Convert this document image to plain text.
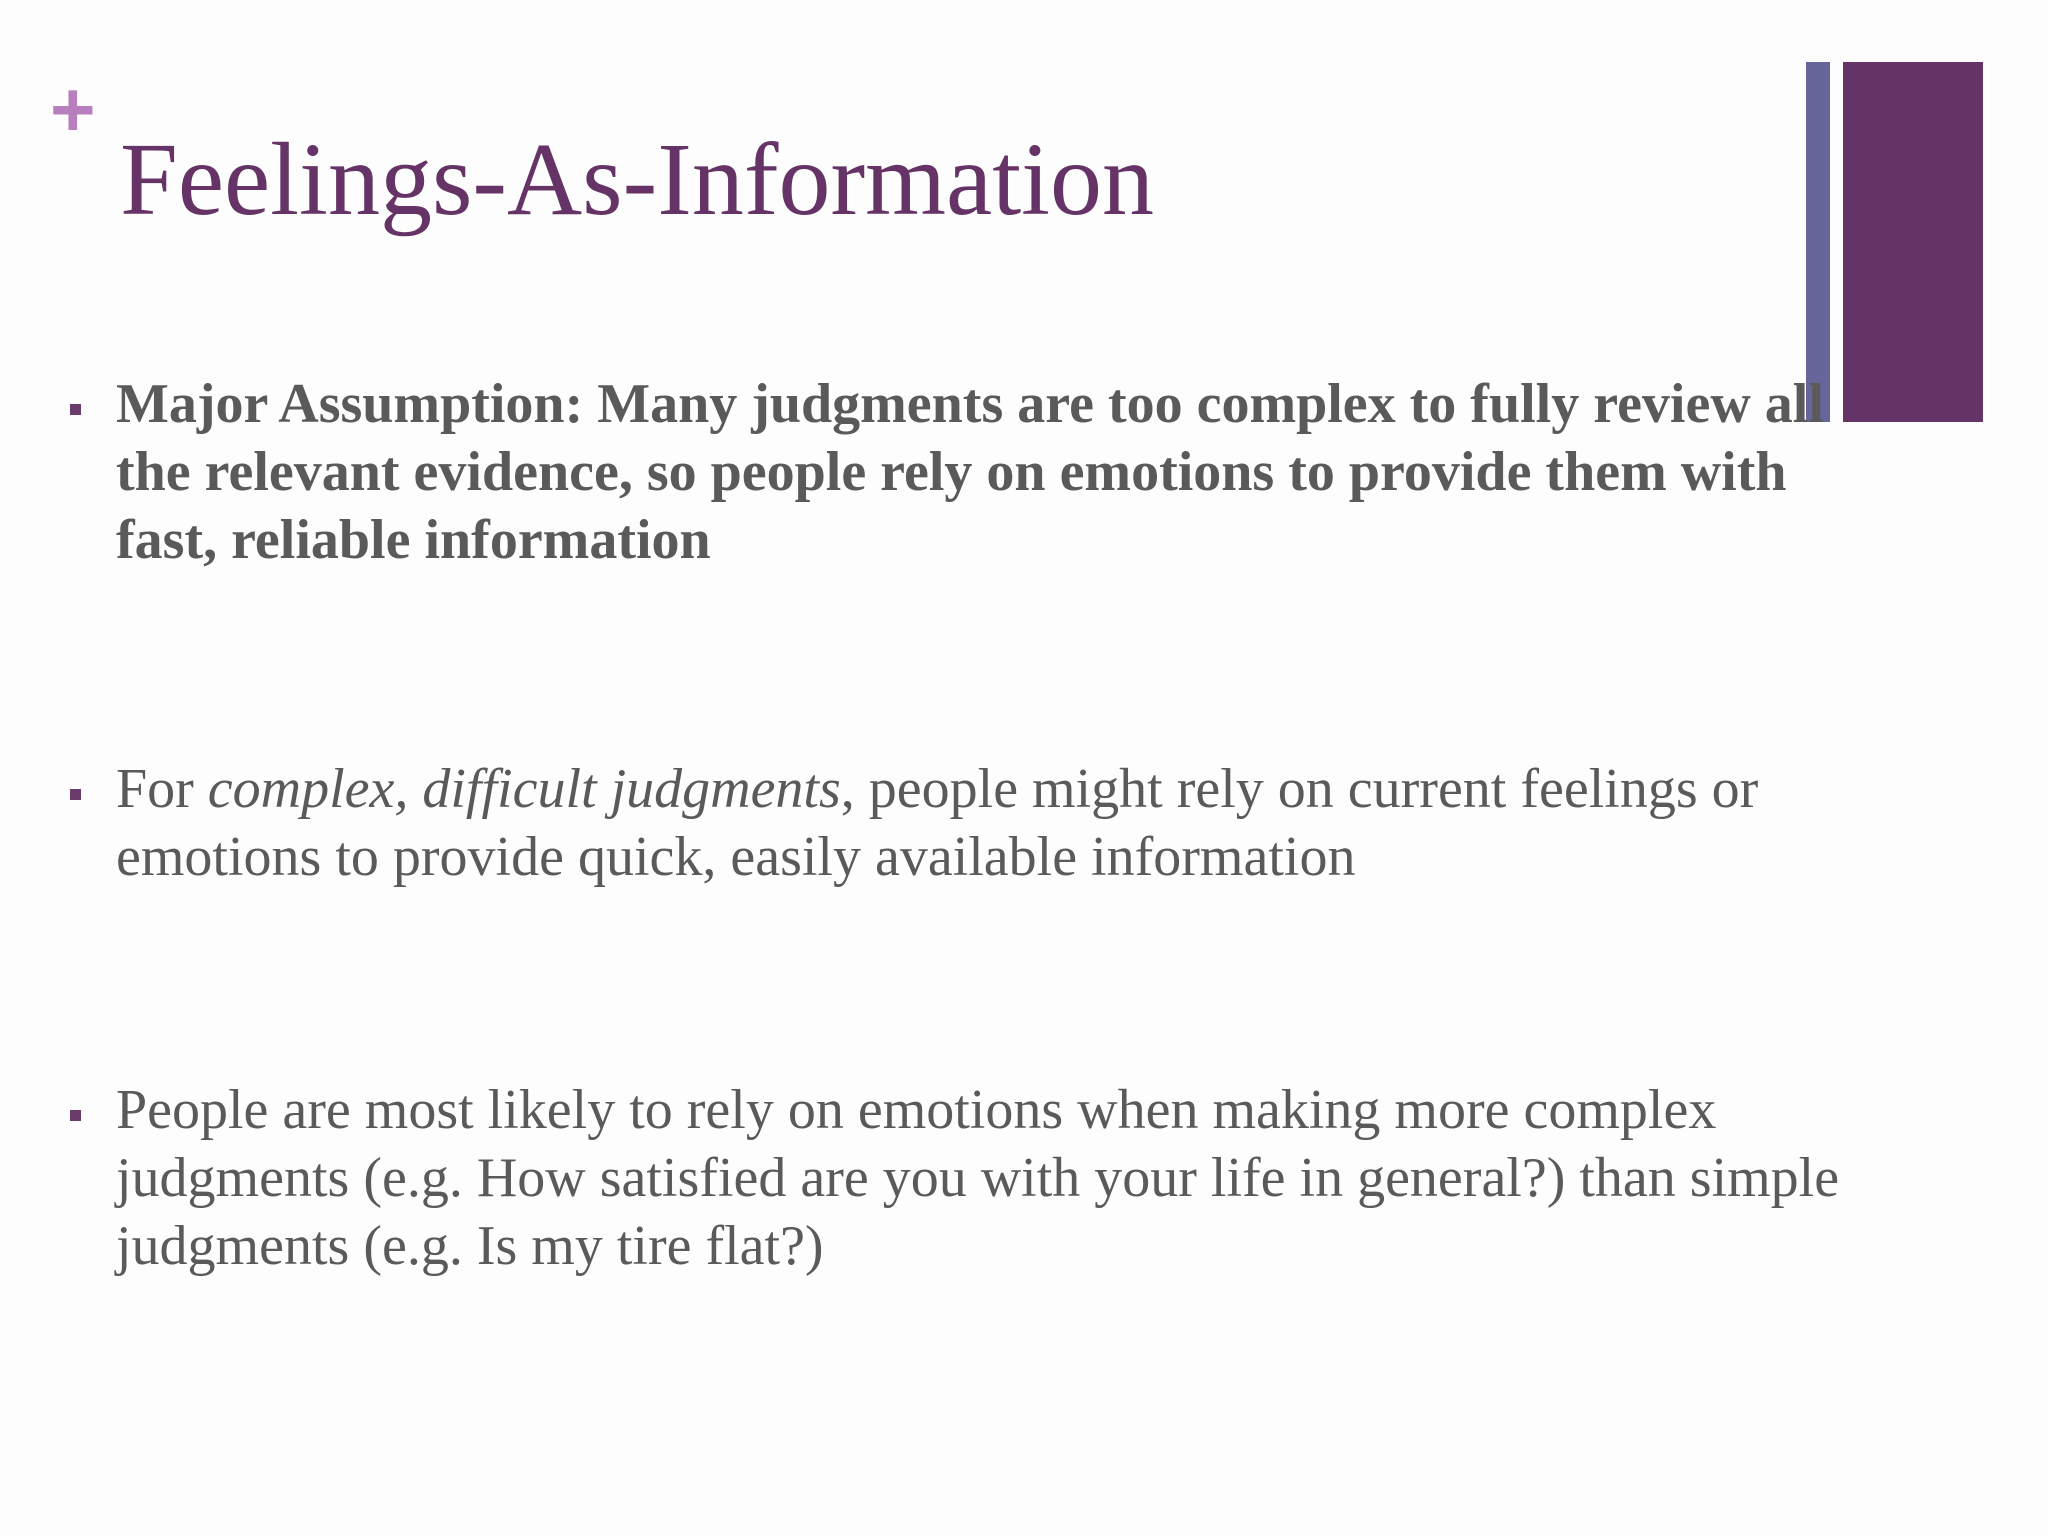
+
Feelings-As-Information

Major Assumption: Many judgments are too complex to fully review all the relevant evidence, so people rely on emotions to provide them with fast, reliable information

For complex, difficult judgments, people might rely on current feelings or emotions to provide quick, easily available information

People are most likely to rely on emotions when making more complex judgments (e.g. How satisfied are you with your life in general?) than simple judgments (e.g. Is my tire flat?)
